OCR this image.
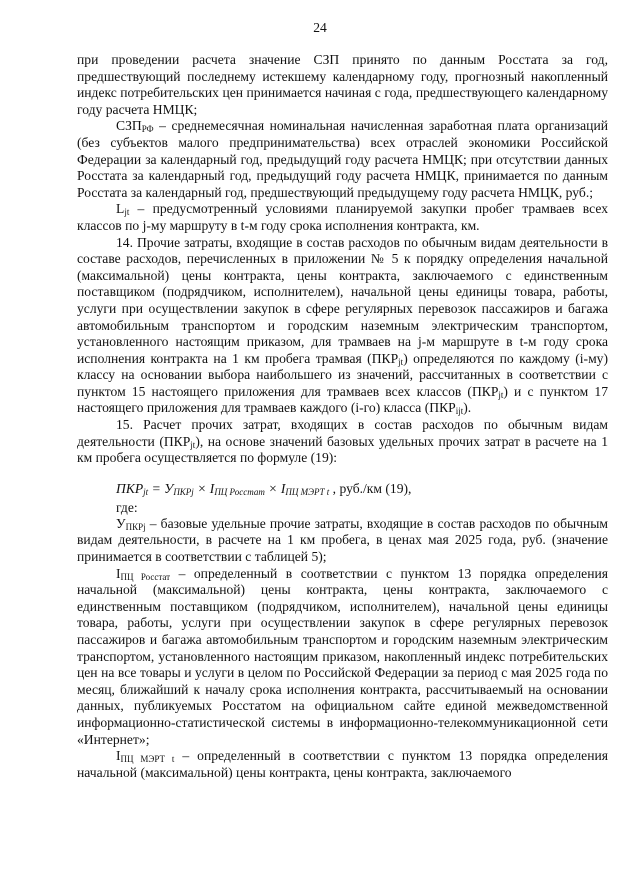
24

при проведении расчета значение СЗП принято по данным Росстата за год, предшествующий последнему истекшему календарному году, прогнозный накопленный индекс потребительских цен принимается начиная с года, предшествующего календарному году расчета НМЦК;

$СЗП_{РФ}$ – среднемесячная номинальная начисленная заработная плата организаций (без субъектов малого предпринимательства) всех отраслей экономики Российской Федерации за календарный год, предыдущий году расчета НМЦК; при отсутствии данных Росстата за календарный год, предыдущий году расчета НМЦК, принимается по данным Росстата за календарный год, предшествующий предыдущему году расчета НМЦК, руб.;

$L_{jt}$ – предусмотренный условиями планируемой закупки пробег трамваев всех классов по j-му маршруту в t-м году срока исполнения контракта, км.

14. Прочие затраты, входящие в состав расходов по обычным видам деятельности в составе расходов, перечисленных в приложении № 5 к порядку определения начальной (максимальной) цены контракта, цены контракта, заключаемого с единственным поставщиком (подрядчиком, исполнителем), начальной цены единицы товара, работы, услуги при осуществлении закупок в сфере регулярных перевозок пассажиров и багажа автомобильным транспортом и городским наземным электрическим транспортом, установленного настоящим приказом, для трамваев на j-м маршруте в t-м году срока исполнения контракта на 1 км пробега трамвая $(ПКР_{jt})$ определяются по каждому (i-му) классу на основании выбора наибольшего из значений, рассчитанных в соответствии с пунктом 15 настоящего приложения для трамваев всех классов $(ПКР_{jt})$ и с пунктом 17 настоящего приложения для трамваев каждого (i-го) класса $(ПКР_{ijt})$.

15. Расчет прочих затрат, входящих в состав расходов по обычным видам деятельности $(ПКР_{jt})$, на основе значений базовых удельных прочих затрат в расчете на 1 км пробега осуществляется по формуле (19):

$ПКР_{jt} = У_{ПКРj} \times I_{ПЦ Росстат} \times I_{ПЦ МЭРТ t}$ , руб./км (19),

где:

$У_{ПКРj}$ – базовые удельные прочие затраты, входящие в состав расходов по обычным видам деятельности, в расчете на 1 км пробега, в ценах мая 2025 года, руб. (значение принимается в соответствии с таблицей 5);

$I_{ПЦ Росстат}$ – определенный в соответствии с пунктом 13 порядка определения начальной (максимальной) цены контракта, цены контракта, заключаемого с единственным поставщиком (подрядчиком, исполнителем), начальной цены единицы товара, работы, услуги при осуществлении закупок в сфере регулярных перевозок пассажиров и багажа автомобильным транспортом и городским наземным электрическим транспортом, установленного настоящим приказом, накопленный индекс потребительских цен на все товары и услуги в целом по Российской Федерации за период с мая 2025 года по месяц, ближайший к началу срока исполнения контракта, рассчитываемый на основании данных, публикуемых Росстатом на официальном сайте единой межведомственной информационно-статистической системы в информационно-телекоммуникационной сети «Интернет»;

$I_{ПЦ МЭРТ t}$ – определенный в соответствии с пунктом 13 порядка определения начальной (максимальной) цены контракта, цены контракта, заключаемого
